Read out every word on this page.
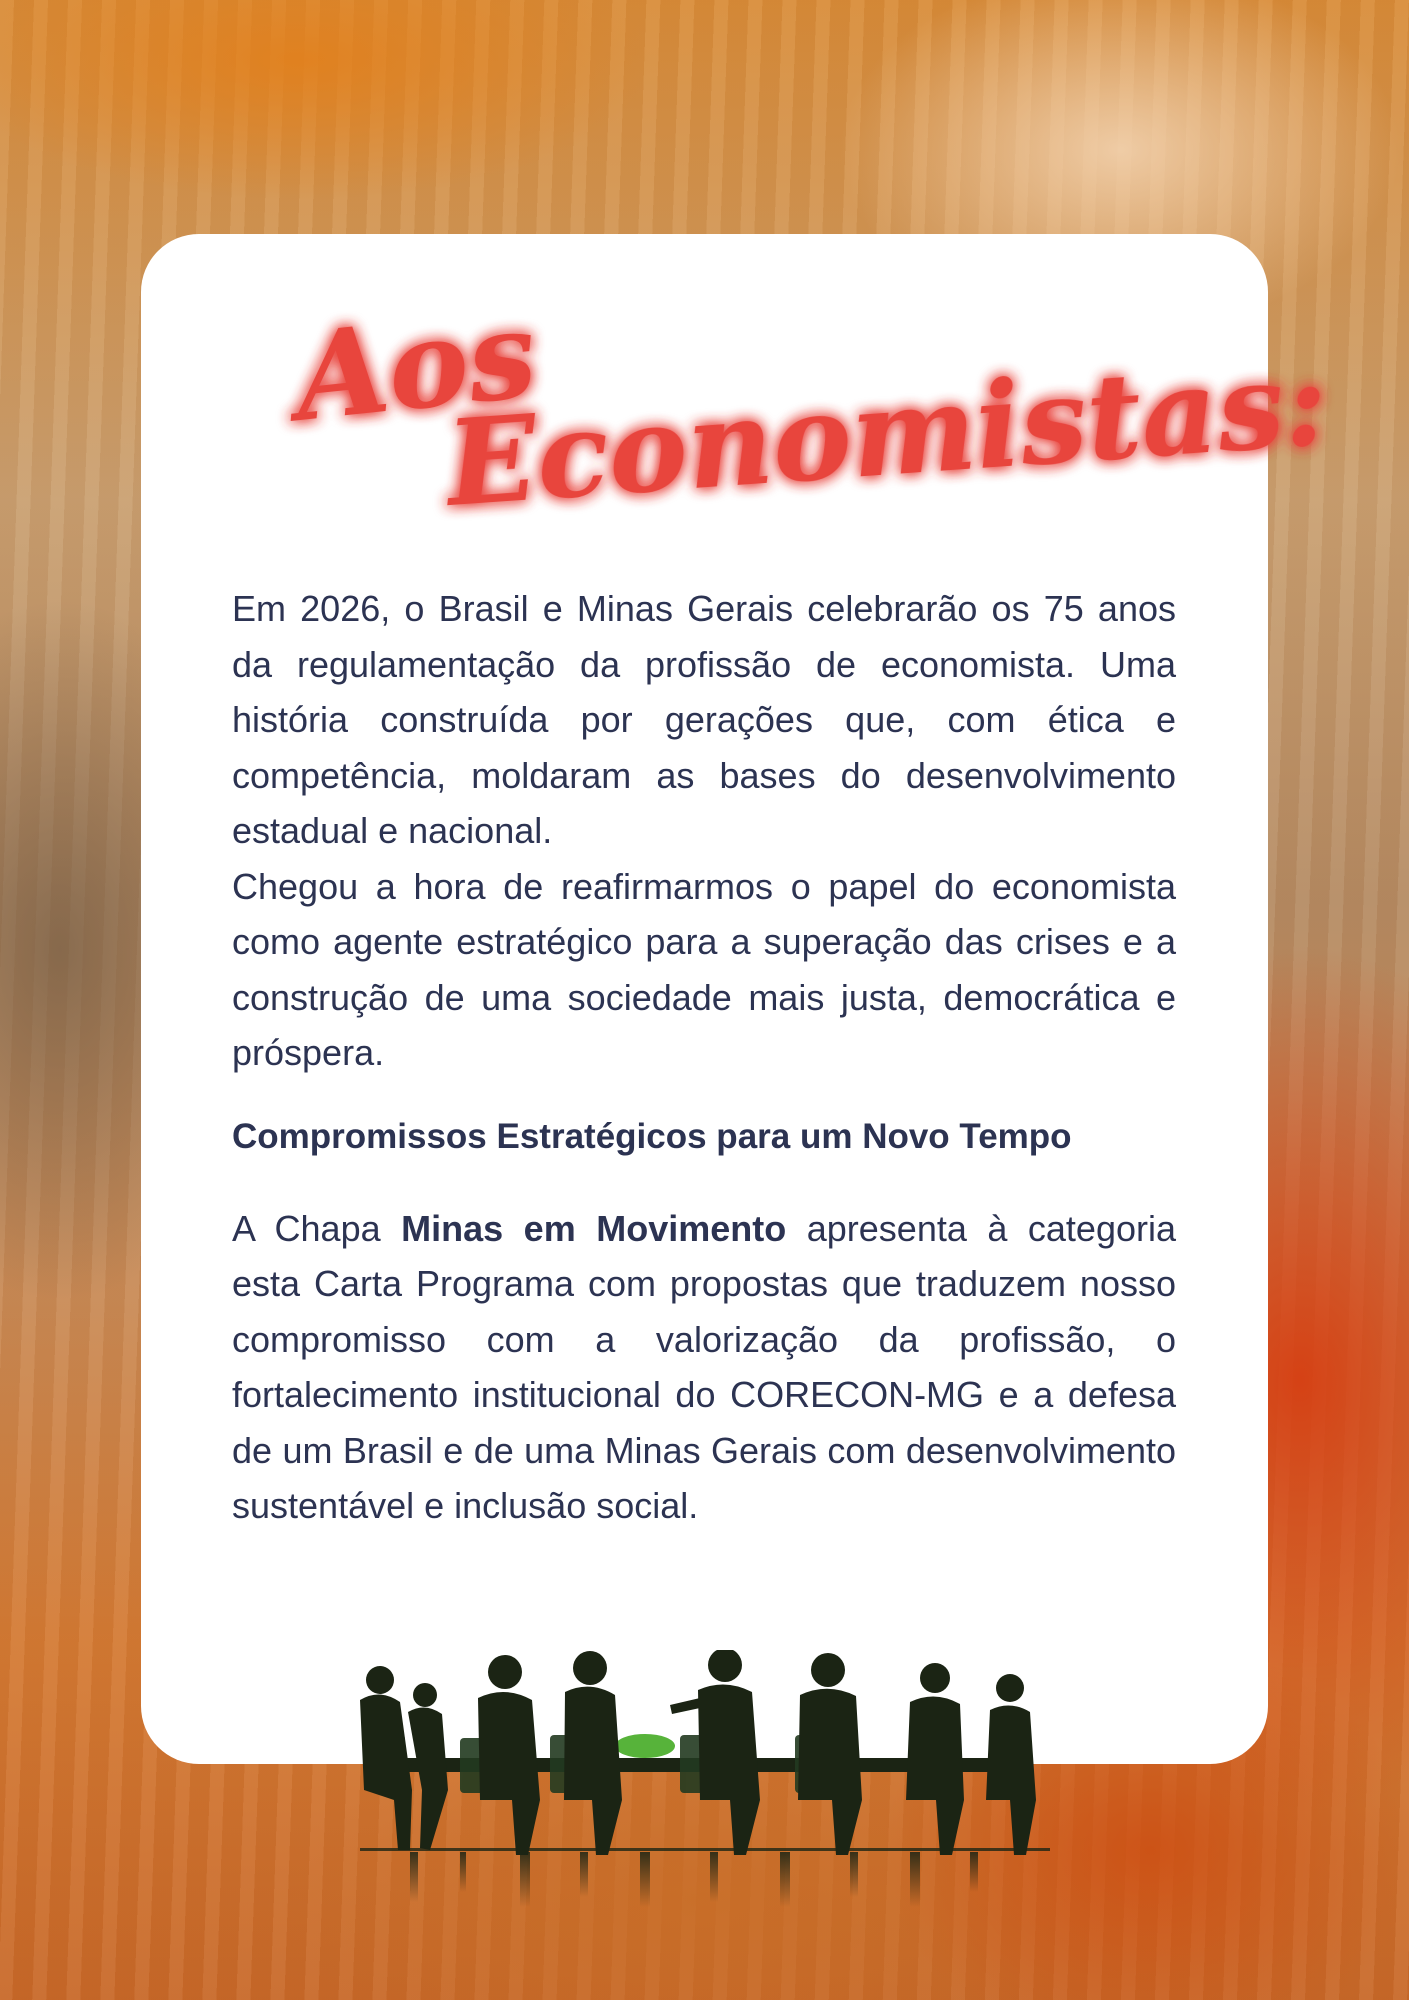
Aos
Economistas:

Em 2026, o Brasil e Minas Gerais celebrarão os 75 anos da regulamentação da profissão de economista. Uma história construída por gerações que, com ética e competência, moldaram as bases do desenvolvimento estadual e nacional.

Chegou a hora de reafirmarmos o papel do economista como agente estratégico para a superação das crises e a construção de uma sociedade mais justa, democrática e próspera.

Compromissos Estratégicos para um Novo Tempo

A Chapa Minas em Movimento apresenta à categoria esta Carta Programa com propostas que traduzem nosso compromisso com a valorização da profissão, o fortalecimento institucional do CORECON-MG e a defesa de um Brasil e de uma Minas Gerais com desenvolvimento sustentável e inclusão social.
